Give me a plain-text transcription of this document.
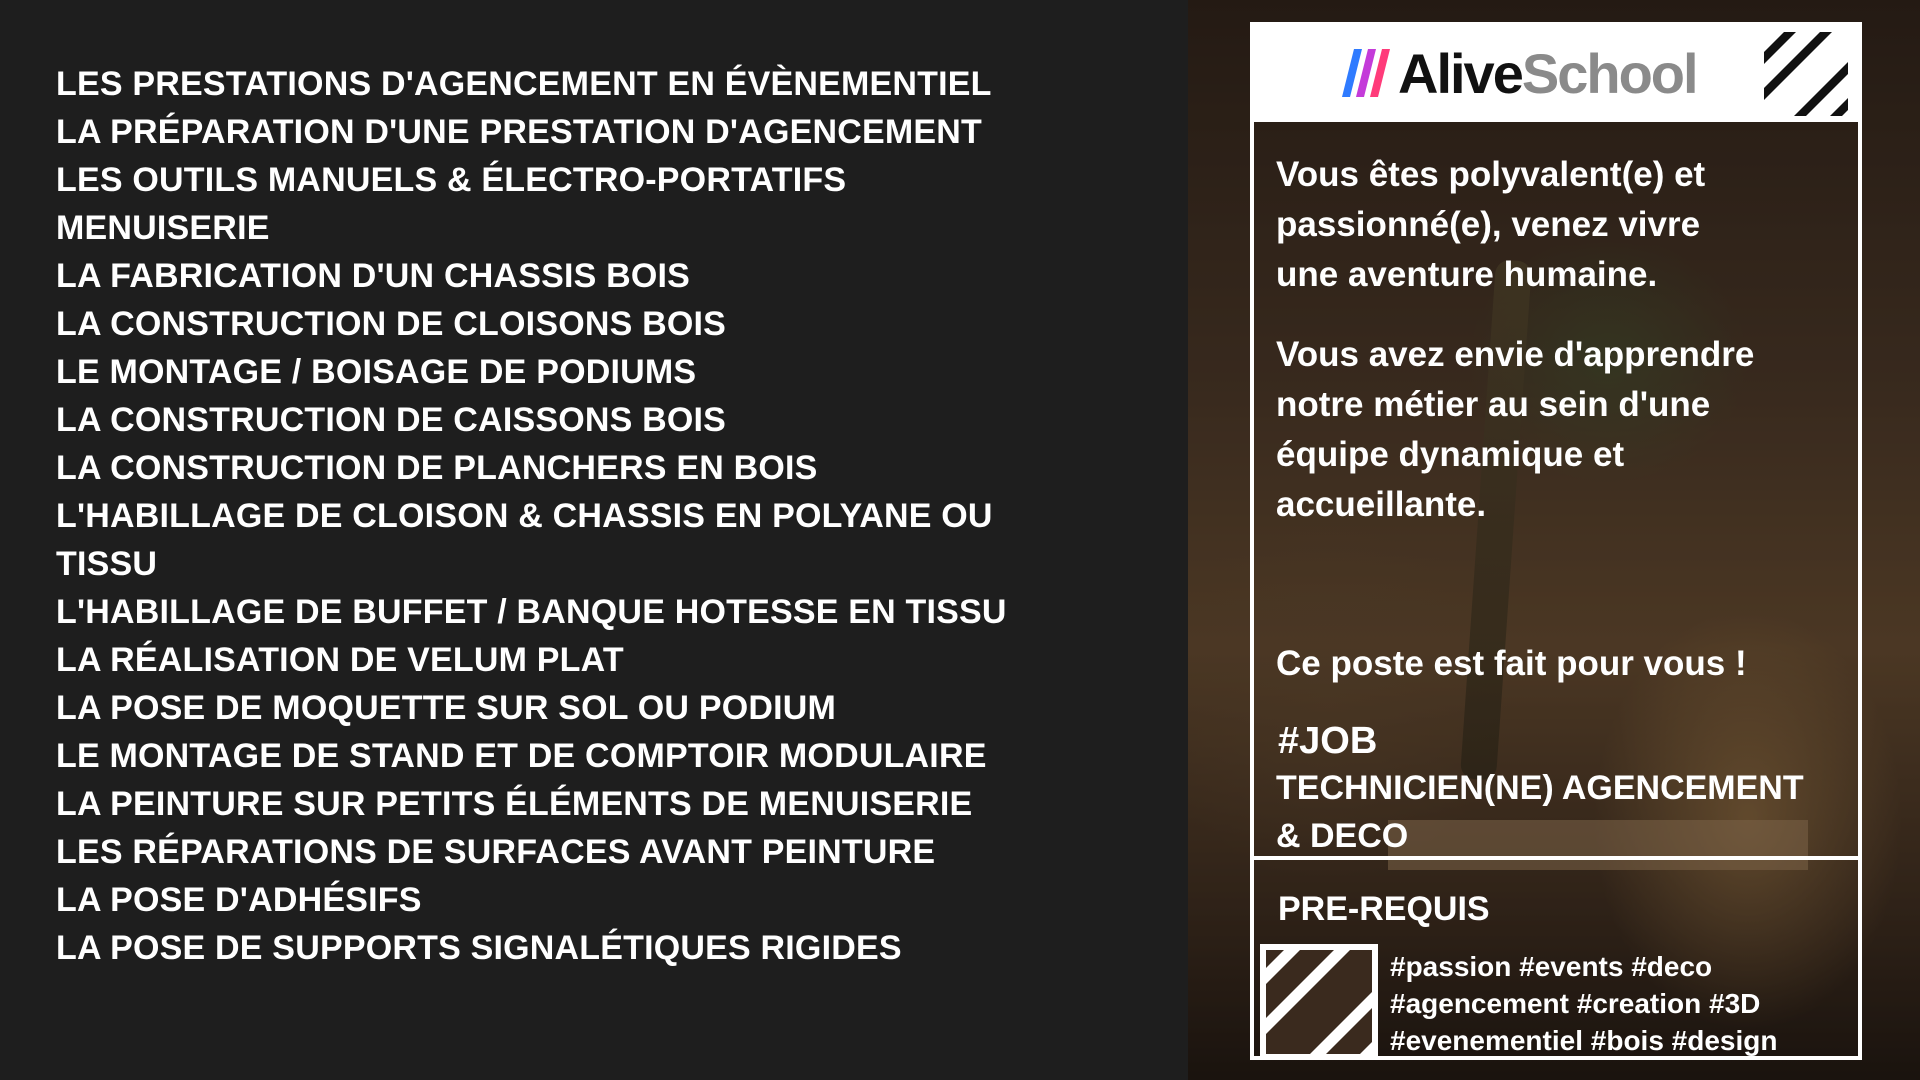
LES PRESTATIONS D'AGENCEMENT EN ÉVÈNEMENTIEL
LA PRÉPARATION D'UNE PRESTATION D'AGENCEMENT
LES OUTILS MANUELS & ÉLECTRO-PORTATIFS
MENUISERIE
LA FABRICATION D'UN CHASSIS BOIS
LA CONSTRUCTION DE CLOISONS BOIS
LE MONTAGE / BOISAGE DE PODIUMS
LA CONSTRUCTION DE CAISSONS BOIS
LA CONSTRUCTION DE PLANCHERS EN BOIS
L'HABILLAGE DE CLOISON & CHASSIS EN POLYANE OU
TISSU
L'HABILLAGE DE BUFFET / BANQUE HOTESSE EN TISSU
LA RÉALISATION DE VELUM PLAT
LA POSE DE MOQUETTE SUR SOL OU PODIUM
LE MONTAGE DE STAND ET DE COMPTOIR MODULAIRE
LA PEINTURE SUR PETITS ÉLÉMENTS DE MENUISERIE
LES RÉPARATIONS DE SURFACES AVANT PEINTURE
LA POSE D'ADHÉSIFS
LA POSE DE SUPPORTS SIGNALÉTIQUES RIGIDES
Alive School
Vous êtes polyvalent(e) et
passionné(e), venez vivre
une aventure humaine.
Vous avez envie d'apprendre
notre métier au sein d'une
équipe dynamique et
accueillante.
Ce poste est fait pour vous !
#JOB
TECHNICIEN(NE) AGENCEMENT
& DECO
PRE-REQUIS
#passion #events #deco
#agencement #creation #3D
#evenementiel #bois #design
